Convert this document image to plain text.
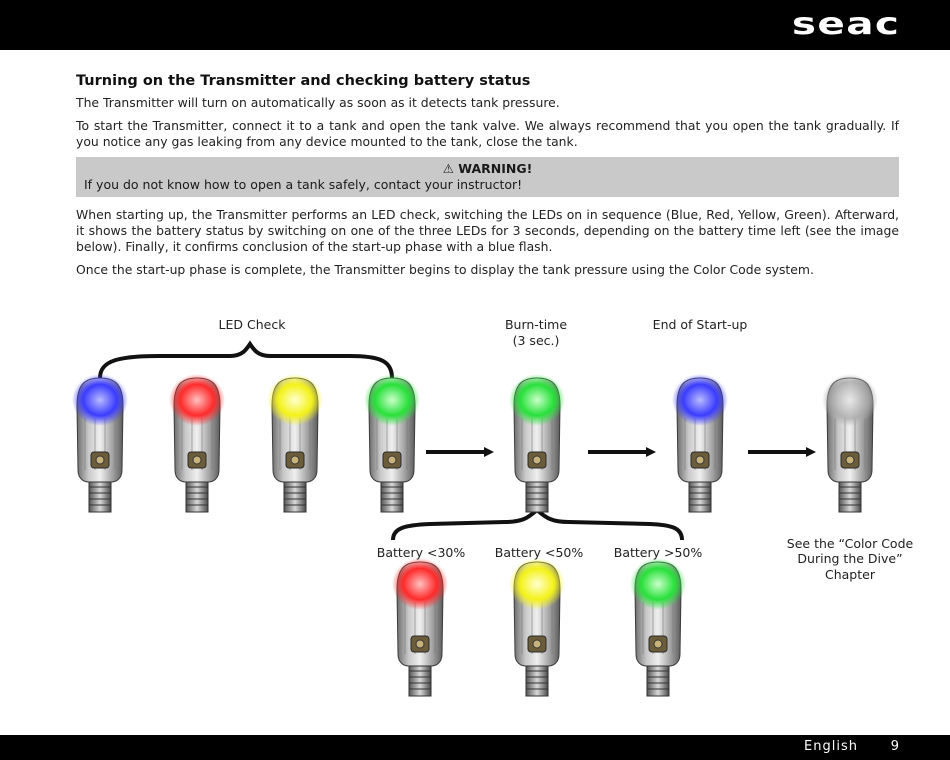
seac
Turning on the Transmitter and checking battery status

The Transmitter will turn on automatically as soon as it detects tank pressure.

To start the Transmitter, connect it to a tank and open the tank valve. We always recommend that you open the tank gradually. If you notice any gas leaking from any device mounted to the tank, close the tank.

⚠ WARNING!
If you do not know how to open a tank safely, contact your instructor!

When starting up, the Transmitter performs an LED check, switching the LEDs on in sequence (Blue, Red, Yellow, Green). Afterward, it shows the battery status by switching on one of the three LEDs for 3 seconds, depending on the battery time left (see the image below). Finally, it confirms conclusion of the start-up phase with a blue flash.

Once the start-up phase is complete, the Transmitter begins to display the tank pressure using the Color Code system.

LED Check	Burn-time
(3 sec.)
End of Start-up
Battery <30%	Battery <50%	Battery >50%
See the “Color Code
During the Dive”
Chapter
English	9
